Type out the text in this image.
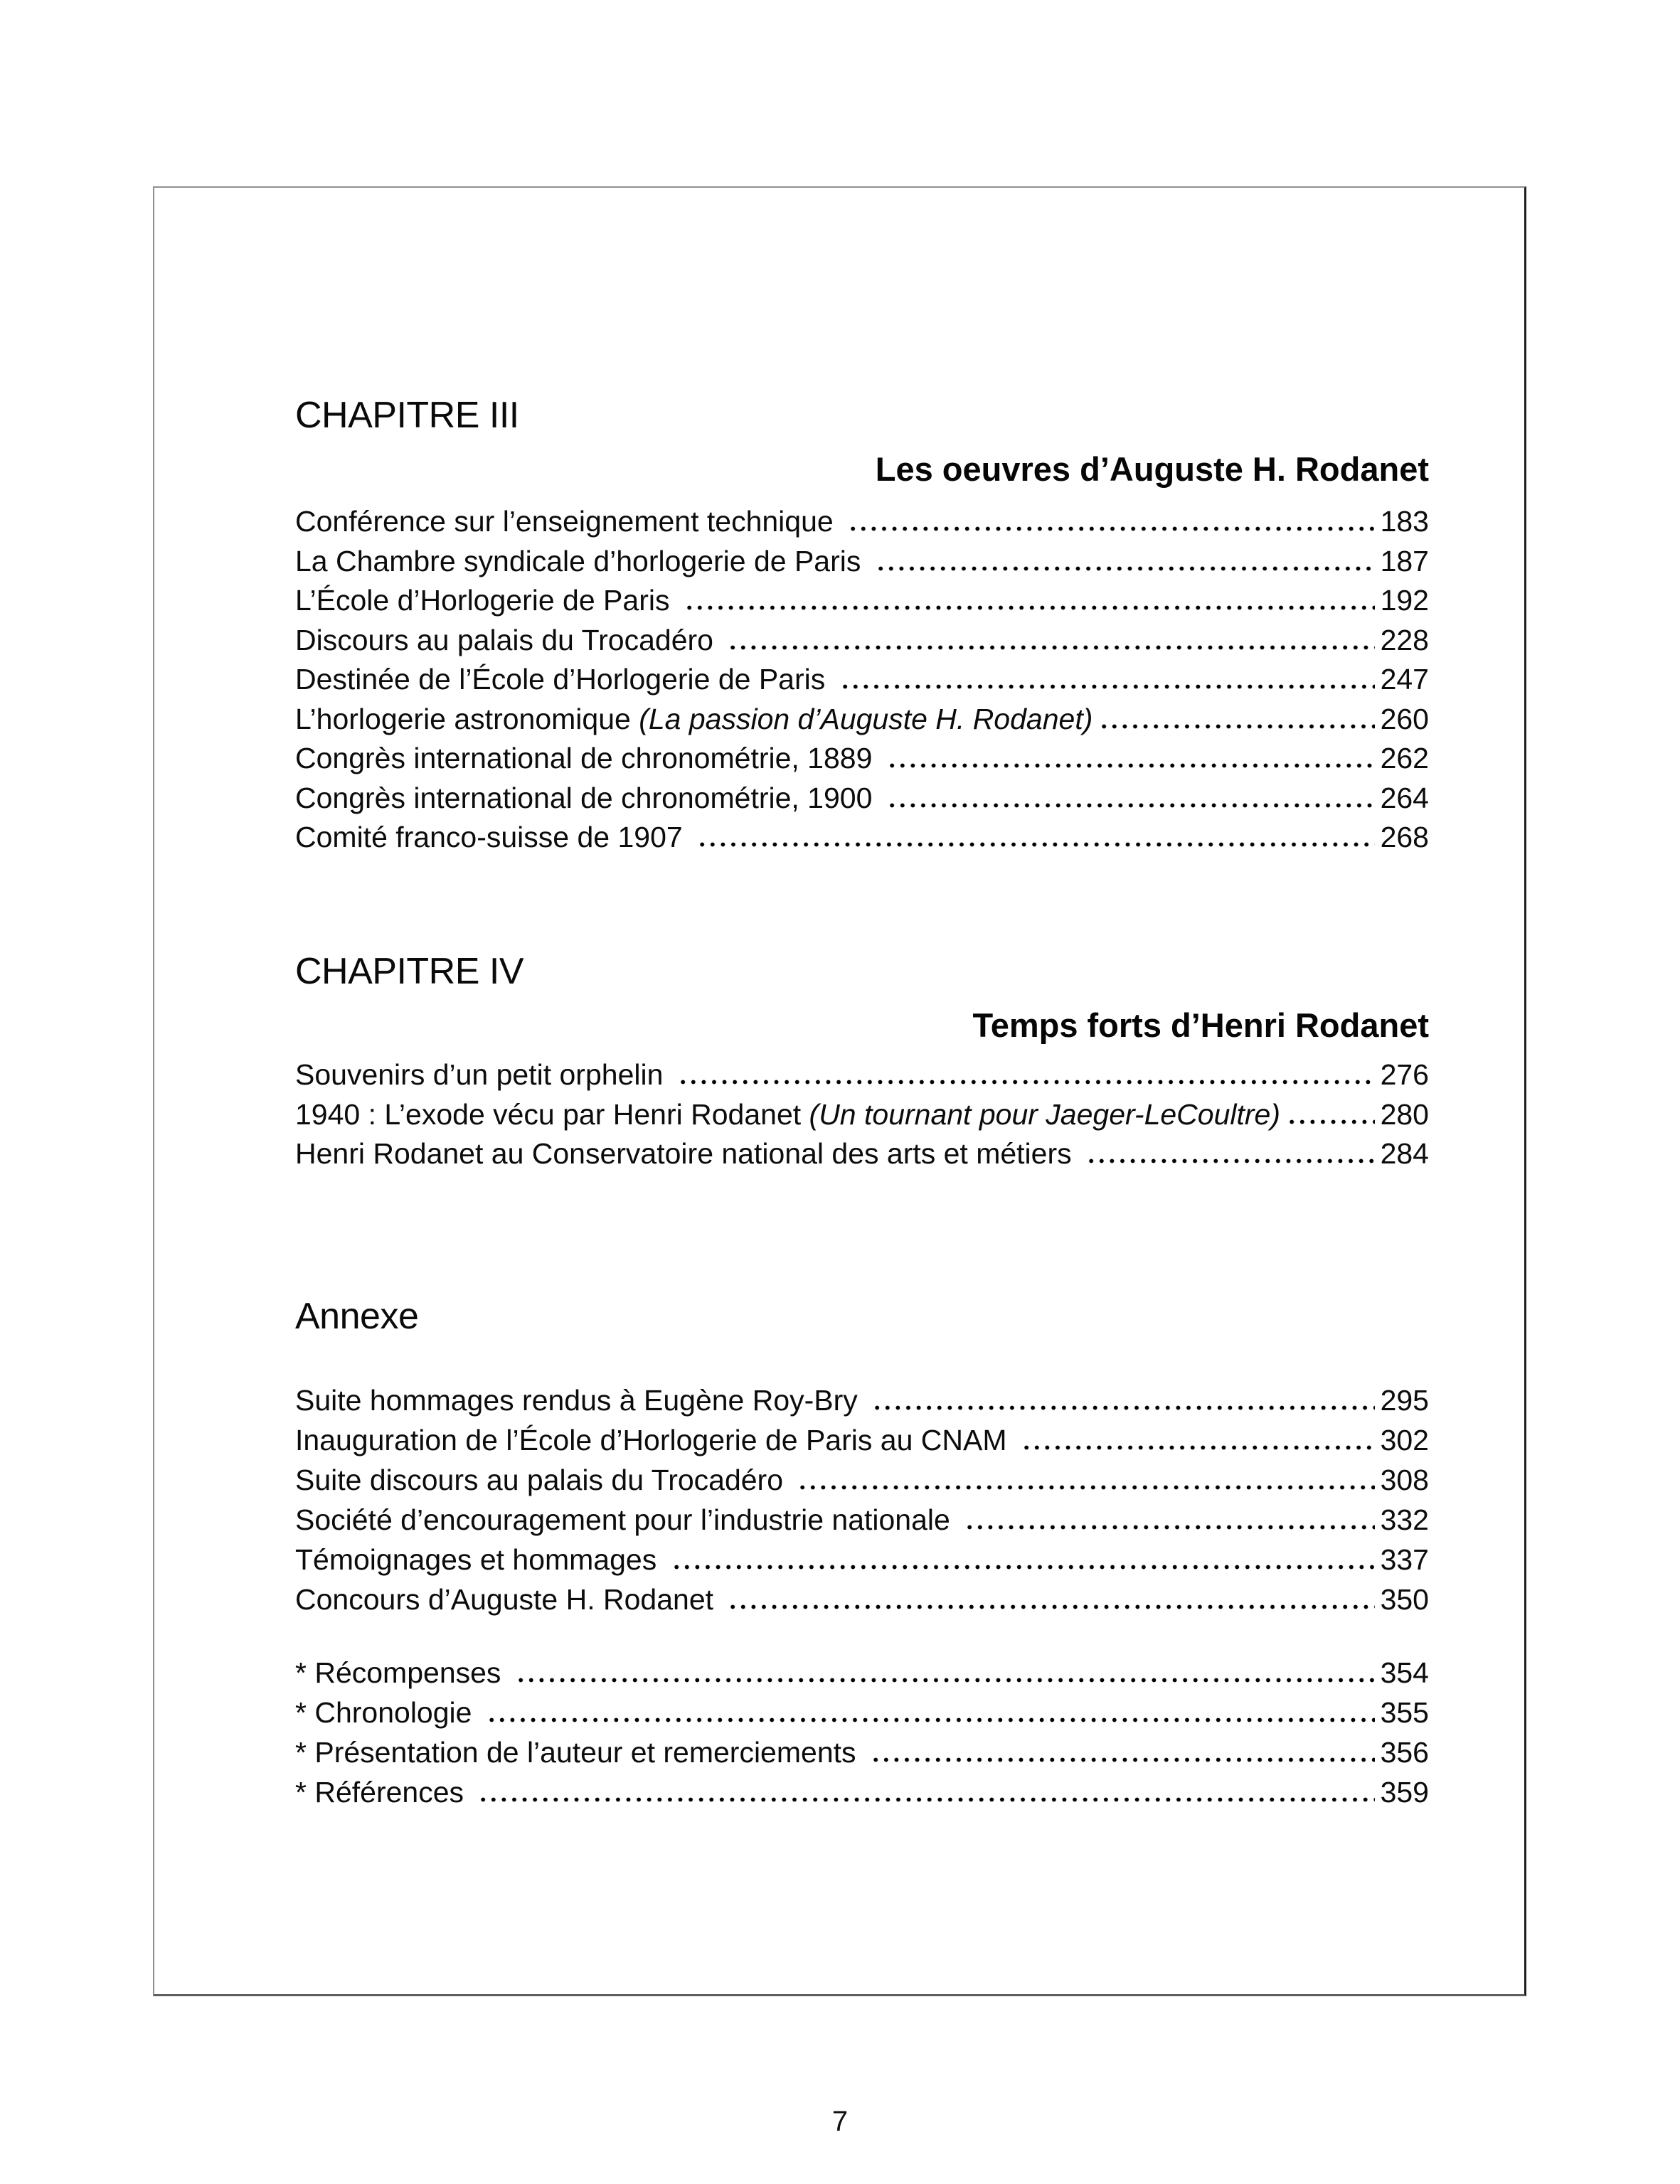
CHAPITRE III
Les oeuvres d’Auguste H. Rodanet
Conférence sur l’enseignement technique	183
La Chambre syndicale d’horlogerie de Paris	187
L’École d’Horlogerie de Paris	192
Discours au palais du Trocadéro	228
Destinée de l’École d’Horlogerie de Paris	247
L’horlogerie astronomique (La passion d’Auguste H. Rodanet)	260
Congrès international de chronométrie, 1889	262
Congrès international de chronométrie, 1900	264
Comité franco-suisse de 1907	268
CHAPITRE IV
Temps forts d’Henri Rodanet
Souvenirs d’un petit orphelin	276
1940 : L’exode vécu par Henri Rodanet (Un tournant pour Jaeger-LeCoultre)	280
Henri Rodanet au Conservatoire national des arts et métiers	284
Annexe
Suite hommages rendus à Eugène Roy-Bry	295
Inauguration de l’École d’Horlogerie de Paris au CNAM	302
Suite discours au palais du Trocadéro	308
Société d’encouragement pour l’industrie nationale	332
Témoignages et hommages	337
Concours d’Auguste H. Rodanet	350
* Récompenses	354
* Chronologie	355
* Présentation de l’auteur et remerciements	356
* Références	359
7
